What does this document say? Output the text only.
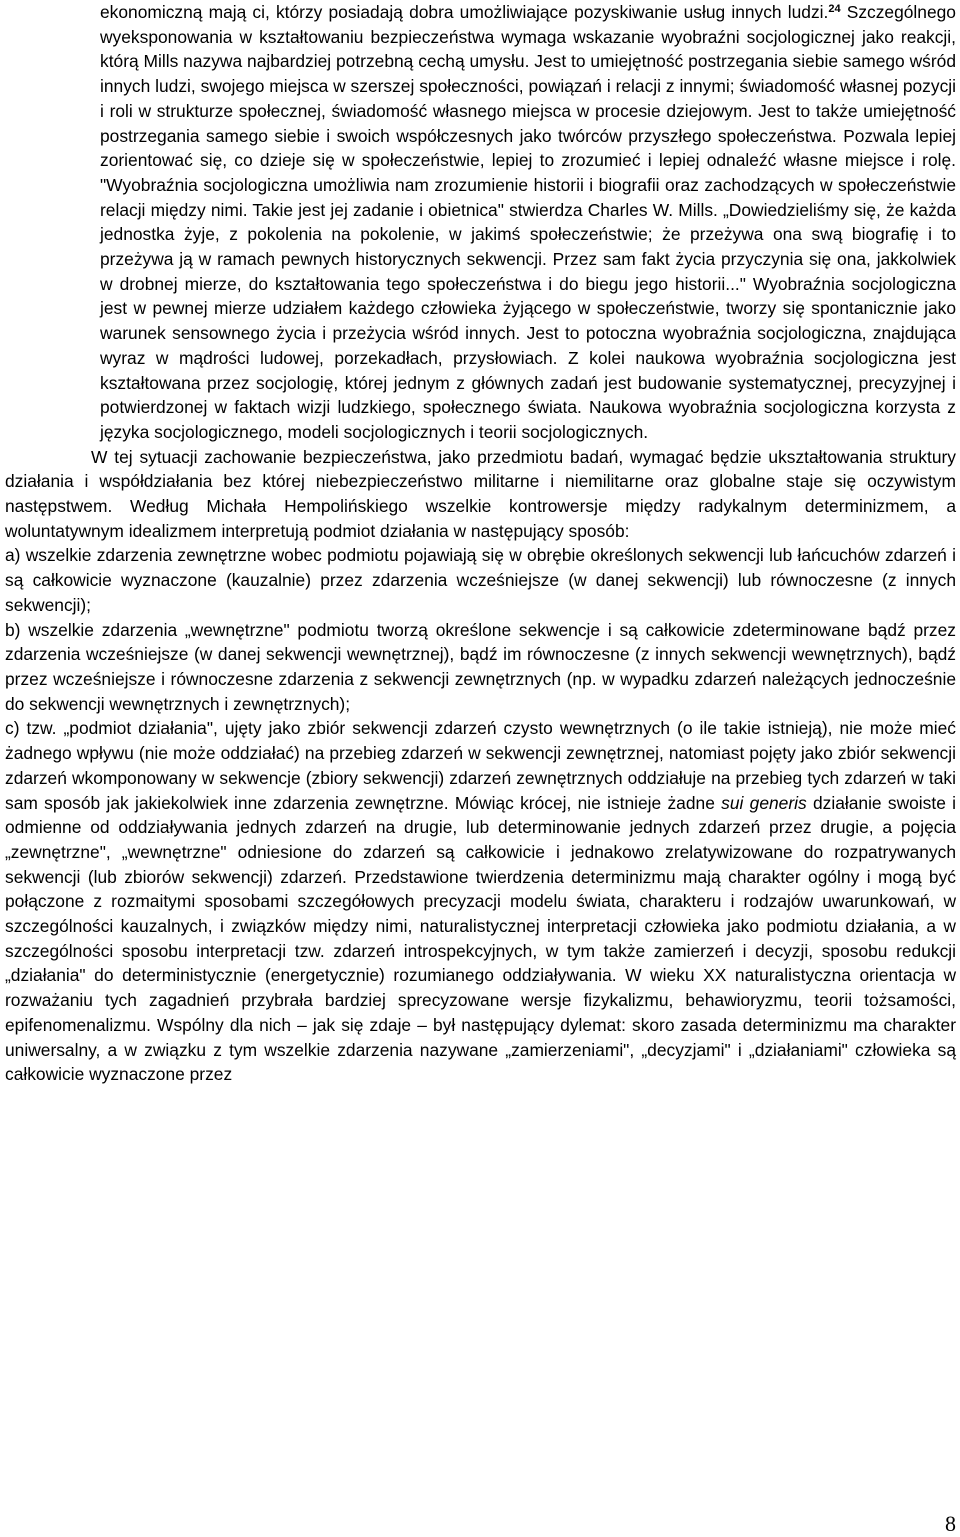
ekonomiczną mają ci, którzy posiadają dobra umożliwiające pozyskiwanie usług innych ludzi.$^{24}$ Szczególnego wyeksponowania w kształtowaniu bezpieczeństwa wymaga wskazanie wyobraźni socjologicznej jako reakcji, którą Mills nazywa najbardziej potrzebną cechą umysłu. Jest to umiejętność postrzegania siebie samego wśród innych ludzi, swojego miejsca w szerszej społeczności, powiązań i relacji z innymi; świadomość własnej pozycji i roli w strukturze społecznej, świadomość własnego miejsca w procesie dziejowym. Jest to także umiejętność postrzegania samego siebie i swoich współczesnych jako twórców przyszłego społeczeństwa. Pozwala lepiej zorientować się, co dzieje się w społeczeństwie, lepiej to zrozumieć i lepiej odnaleźć własne miejsce i rolę. "Wyobraźnia socjologiczna umożliwia nam zrozumienie historii i biografii oraz zachodzących w społeczeństwie relacji między nimi. Takie jest jej zadanie i obietnica" stwierdza Charles W. Mills. „Dowiedzieliśmy się, że każda jednostka żyje, z pokolenia na pokolenie, w jakimś społeczeństwie; że przeżywa ona swą biografię i to przeżywa ją w ramach pewnych historycznych sekwencji. Przez sam fakt życia przyczynia się ona, jakkolwiek w drobnej mierze, do kształtowania tego społeczeństwa i do biegu jego historii..." Wyobraźnia socjologiczna jest w pewnej mierze udziałem każdego człowieka żyjącego w społeczeństwie, tworzy się spontanicznie jako warunek sensownego życia i przeżycia wśród innych. Jest to potoczna wyobraźnia socjologiczna, znajdująca wyraz w mądrości ludowej, porzekadłach, przysłowiach. Z kolei naukowa wyobraźnia socjologiczna jest kształtowana przez socjologię, której jednym z głównych zadań jest budowanie systematycznej, precyzyjnej i potwierdzonej w faktach wizji ludzkiego, społecznego świata. Naukowa wyobraźnia socjologiczna korzysta z języka socjologicznego, modeli socjologicznych i teorii socjologicznych.

W tej sytuacji zachowanie bezpieczeństwa, jako przedmiotu badań, wymagać będzie ukształtowania struktury działania i współdziałania bez której niebezpieczeństwo militarne i niemilitarne oraz globalne staje się oczywistym następstwem. Według Michała Hempolińskiego wszelkie kontrowersje między radykalnym determinizmem, a woluntatywnym idealizmem interpretują podmiot działania w następujący sposób:

a) wszelkie zdarzenia zewnętrzne wobec podmiotu pojawiają się w obrębie określonych sekwencji lub łańcuchów zdarzeń i są całkowicie wyznaczone (kauzalnie) przez zdarzenia wcześniejsze (w danej sekwencji) lub równoczesne (z innych sekwencji);

b) wszelkie zdarzenia „wewnętrzne" podmiotu tworzą określone sekwencje i są całkowicie zdeterminowane bądź przez zdarzenia wcześniejsze (w danej sekwencji wewnętrznej), bądź im równoczesne (z innych sekwencji wewnętrznych), bądź przez wcześniejsze i równoczesne zdarzenia z sekwencji zewnętrznych (np. w wypadku zdarzeń należących jednocześnie do sekwencji wewnętrznych i zewnętrznych);

c) tzw. „podmiot działania", ujęty jako zbiór sekwencji zdarzeń czysto wewnętrznych (o ile takie istnieją), nie może mieć żadnego wpływu (nie może oddziałać) na przebieg zdarzeń w sekwencji zewnętrznej, natomiast pojęty jako zbiór sekwencji zdarzeń wkomponowany w sekwencje (zbiory sekwencji) zdarzeń zewnętrznych oddziałuje na przebieg tych zdarzeń w taki sam sposób jak jakiekolwiek inne zdarzenia zewnętrzne. Mówiąc krócej, nie istnieje żadne sui generis działanie swoiste i odmienne od oddziaływania jednych zdarzeń na drugie, lub determinowanie jednych zdarzeń przez drugie, a pojęcia „zewnętrzne", „wewnętrzne" odniesione do zdarzeń są całkowicie i jednakowo zrelatywizowane do rozpatrywanych sekwencji (lub zbiorów sekwencji) zdarzeń. Przedstawione twierdzenia determinizmu mają charakter ogólny i mogą być połączone z rozmaitymi sposobami szczegółowych precyzacji modelu świata, charakteru i rodzajów uwarunkowań, w szczególności kauzalnych, i związków między nimi, naturalistycznej interpretacji człowieka jako podmiotu działania, a w szczególności sposobu interpretacji tzw. zdarzeń introspekcyjnych, w tym także zamierzeń i decyzji, sposobu redukcji „działania" do deterministycznie (energetycznie) rozumianego oddziaływania. W wieku XX naturalistyczna orientacja w rozważaniu tych zagadnień przybrała bardziej sprecyzowane wersje fizykalizmu, behawioryzmu, teorii tożsamości, epifenomenalizmu. Wspólny dla nich – jak się zdaje – był następujący dylemat: skoro zasada determinizmu ma charakter uniwersalny, a w związku z tym wszelkie zdarzenia nazywane „zamierzeniami", „decyzjami" i „działaniami" człowieka są całkowicie wyznaczone przez

8
